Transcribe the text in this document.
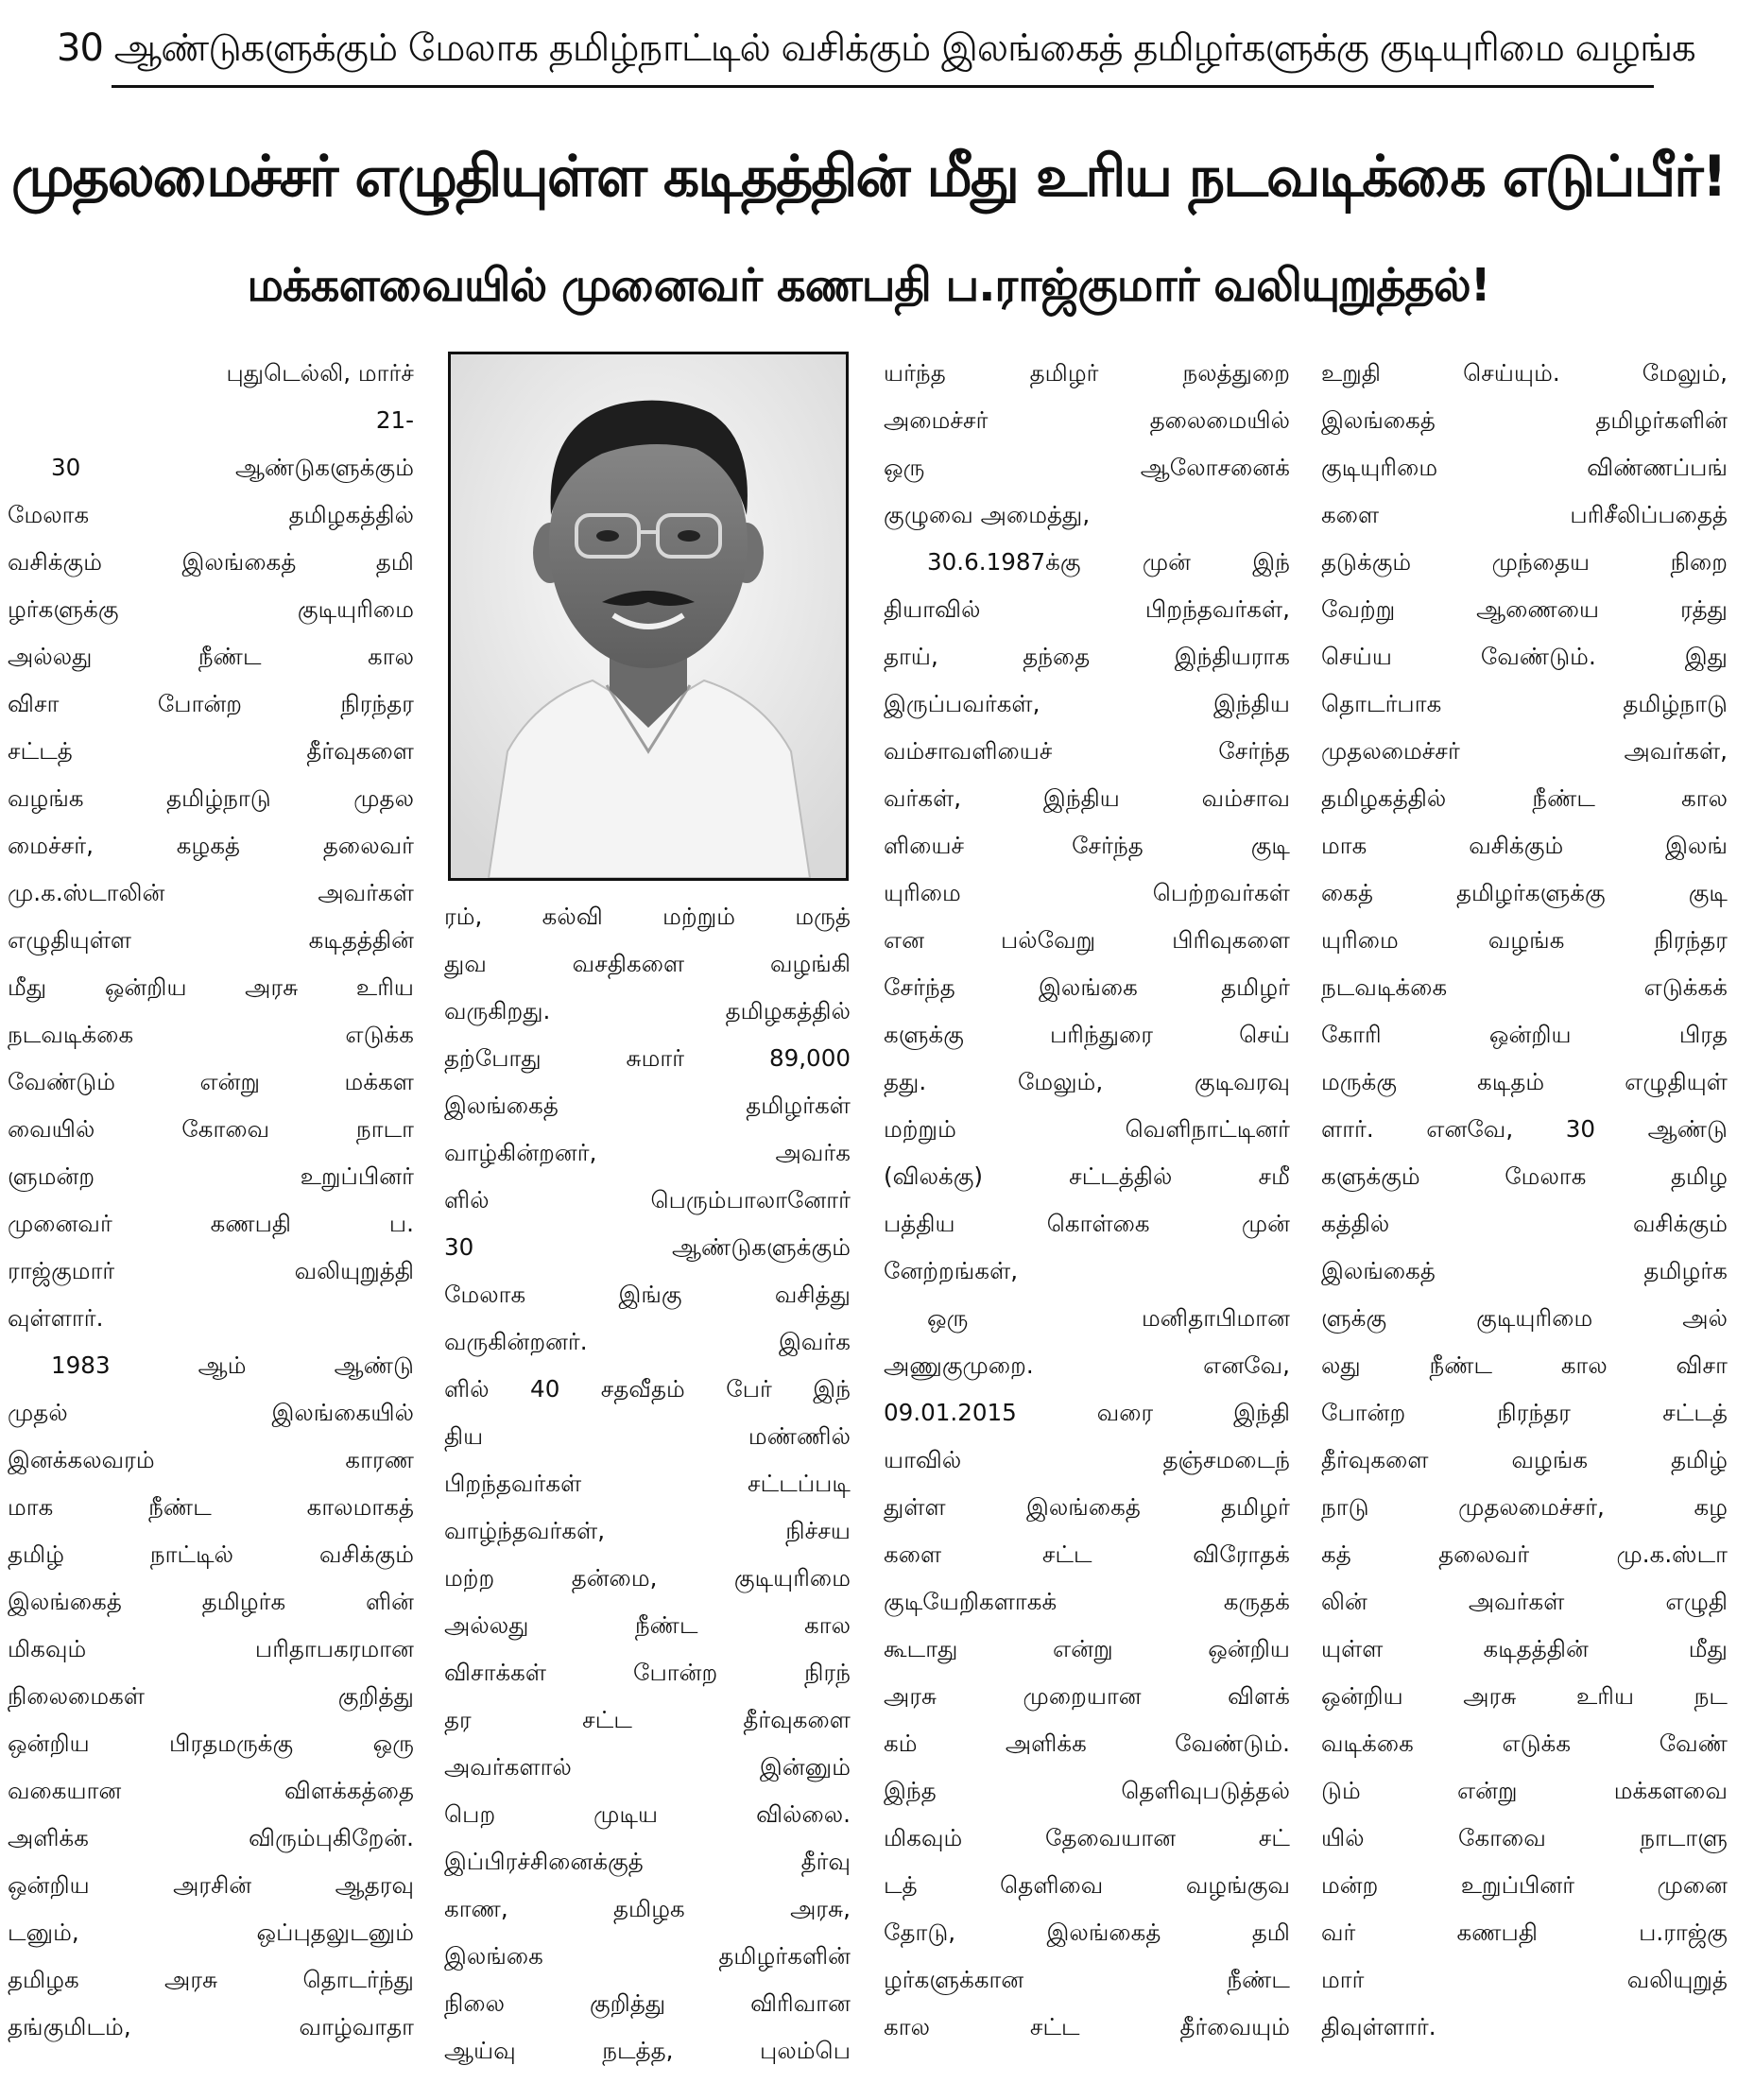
30 ஆண்டுகளுக்கும் மேலாக தமிழ்நாட்டில் வசிக்கும் இலங்கைத் தமிழர்களுக்கு குடியுரிமை வழங்க
முதலமைச்சர் எழுதியுள்ள கடிதத்தின் மீது உரிய நடவடிக்கை எடுப்பீர்!
மக்களவையில் முனைவர் கணபதி ப.ராஜ்குமார் வலியுறுத்தல்!
புதுடெல்லி, மார்ச்
21-
30 ஆண்டுகளுக்கும்
மேலாக தமிழகத்தில்
வசிக்கும் இலங்கைத் தமி
ழர்களுக்கு குடியுரிமை
அல்லது நீண்ட கால
விசா போன்ற நிரந்தர
சட்டத் தீர்வுகளை
வழங்க தமிழ்நாடு முதல
மைச்சர், கழகத் தலைவர்
மு.க.ஸ்டாலின் அவர்கள்
எழுதியுள்ள கடிதத்தின்
மீது ஒன்றிய அரசு உரிய
நடவடிக்கை எடுக்க
வேண்டும் என்று மக்கள
வையில் கோவை நாடா
ளுமன்ற உறுப்பினர்
முனைவர் கணபதி ப.
ராஜ்குமார் வலியுறுத்தி
வுள்ளார்.
1983 ஆம் ஆண்டு
முதல் இலங்கையில்
இனக்கலவரம் காரண
மாக நீண்ட காலமாகத்
தமிழ் நாட்டில் வசிக்கும்
இலங்கைத் தமிழர்க ளின்
மிகவும் பரிதாபகரமான
நிலைமைகள் குறித்து
ஒன்றிய பிரதமருக்கு ஒரு
வகையான விளக்கத்தை
அளிக்க விரும்புகிறேன்.
ஒன்றிய அரசின் ஆதரவு
டனும், ஒப்புதலுடனும்
தமிழக அரசு தொடர்ந்து
தங்குமிடம், வாழ்வாதா
ரம், கல்வி மற்றும் மருத்
துவ வசதிகளை வழங்கி
வருகிறது. தமிழகத்தில்
தற்போது சுமார் 89,000
இலங்கைத் தமிழர்கள்
வாழ்கின்றனர், அவர்க
ளில் பெரும்பாலானோர்
30 ஆண்டுகளுக்கும்
மேலாக இங்கு வசித்து
வருகின்றனர். இவர்க
ளில் 40 சதவீதம் பேர் இந்
திய மண்ணில்
பிறந்தவர்கள் சட்டப்படி
வாழ்ந்தவர்கள், நிச்சய
மற்ற தன்மை, குடியுரிமை
அல்லது நீண்ட கால
விசாக்கள் போன்ற நிரந்
தர சட்ட தீர்வுகளை
அவர்களால் இன்னும்
பெற முடிய வில்லை.
இப்பிரச்சினைக்குத் தீர்வு
காண, தமிழக அரசு,
இலங்கை தமிழர்களின்
நிலை குறித்து விரிவான
ஆய்வு நடத்த, புலம்பெ
யர்ந்த தமிழர் நலத்துறை
அமைச்சர் தலைமையில்
ஒரு ஆலோசனைக்
குழுவை அமைத்து,
30.6.1987க்கு முன் இந்
தியாவில் பிறந்தவர்கள்,
தாய், தந்தை இந்தியராக
இருப்பவர்கள், இந்திய
வம்சாவளியைச் சேர்ந்த
வர்கள், இந்திய வம்சாவ
ளியைச் சேர்ந்த குடி
யுரிமை பெற்றவர்கள்
என பல்வேறு பிரிவுகளை
சேர்ந்த இலங்கை தமிழர்
களுக்கு பரிந்துரை செய்
தது. மேலும், குடிவரவு
மற்றும் வெளிநாட்டினர்
(விலக்கு) சட்டத்தில் சமீ
பத்திய கொள்கை முன்
னேற்றங்கள்,
ஒரு மனிதாபிமான
அணுகுமுறை. எனவே,
09.01.2015 வரை இந்தி
யாவில் தஞ்சமடைந்
துள்ள இலங்கைத் தமிழர்
களை சட்ட விரோதக்
குடியேறிகளாகக் கருதக்
கூடாது என்று ஒன்றிய
அரசு முறையான விளக்
கம் அளிக்க வேண்டும்.
இந்த தெளிவுபடுத்தல்
மிகவும் தேவையான சட்
டத் தெளிவை வழங்குவ
தோடு, இலங்கைத் தமி
ழர்களுக்கான நீண்ட
கால சட்ட தீர்வையும்
உறுதி செய்யும். மேலும்,
இலங்கைத் தமிழர்களின்
குடியுரிமை விண்ணப்பங்
களை பரிசீலிப்பதைத்
தடுக்கும் முந்தைய நிறை
வேற்று ஆணையை ரத்து
செய்ய வேண்டும். இது
தொடர்பாக தமிழ்நாடு
முதலமைச்சர் அவர்கள்,
தமிழகத்தில் நீண்ட கால
மாக வசிக்கும் இலங்
கைத் தமிழர்களுக்கு குடி
யுரிமை வழங்க நிரந்தர
நடவடிக்கை எடுக்கக்
கோரி ஒன்றிய பிரத
மருக்கு கடிதம் எழுதியுள்
ளார். எனவே, 30 ஆண்டு
களுக்கும் மேலாக தமிழ
கத்தில் வசிக்கும்
இலங்கைத் தமிழர்க
ளுக்கு குடியுரிமை அல்
லது நீண்ட கால விசா
போன்ற நிரந்தர சட்டத்
தீர்வுகளை வழங்க தமிழ்
நாடு முதலமைச்சர், கழ
கத் தலைவர் மு.க.ஸ்டா
லின் அவர்கள் எழுதி
யுள்ள கடிதத்தின் மீது
ஒன்றிய அரசு உரிய நட
வடிக்கை எடுக்க வேண்
டும் என்று மக்களவை
யில் கோவை நாடாளு
மன்ற உறுப்பினர் முனை
வர் கணபதி ப.ராஜ்கு
மார் வலியுறுத்
திவுள்ளார்.
